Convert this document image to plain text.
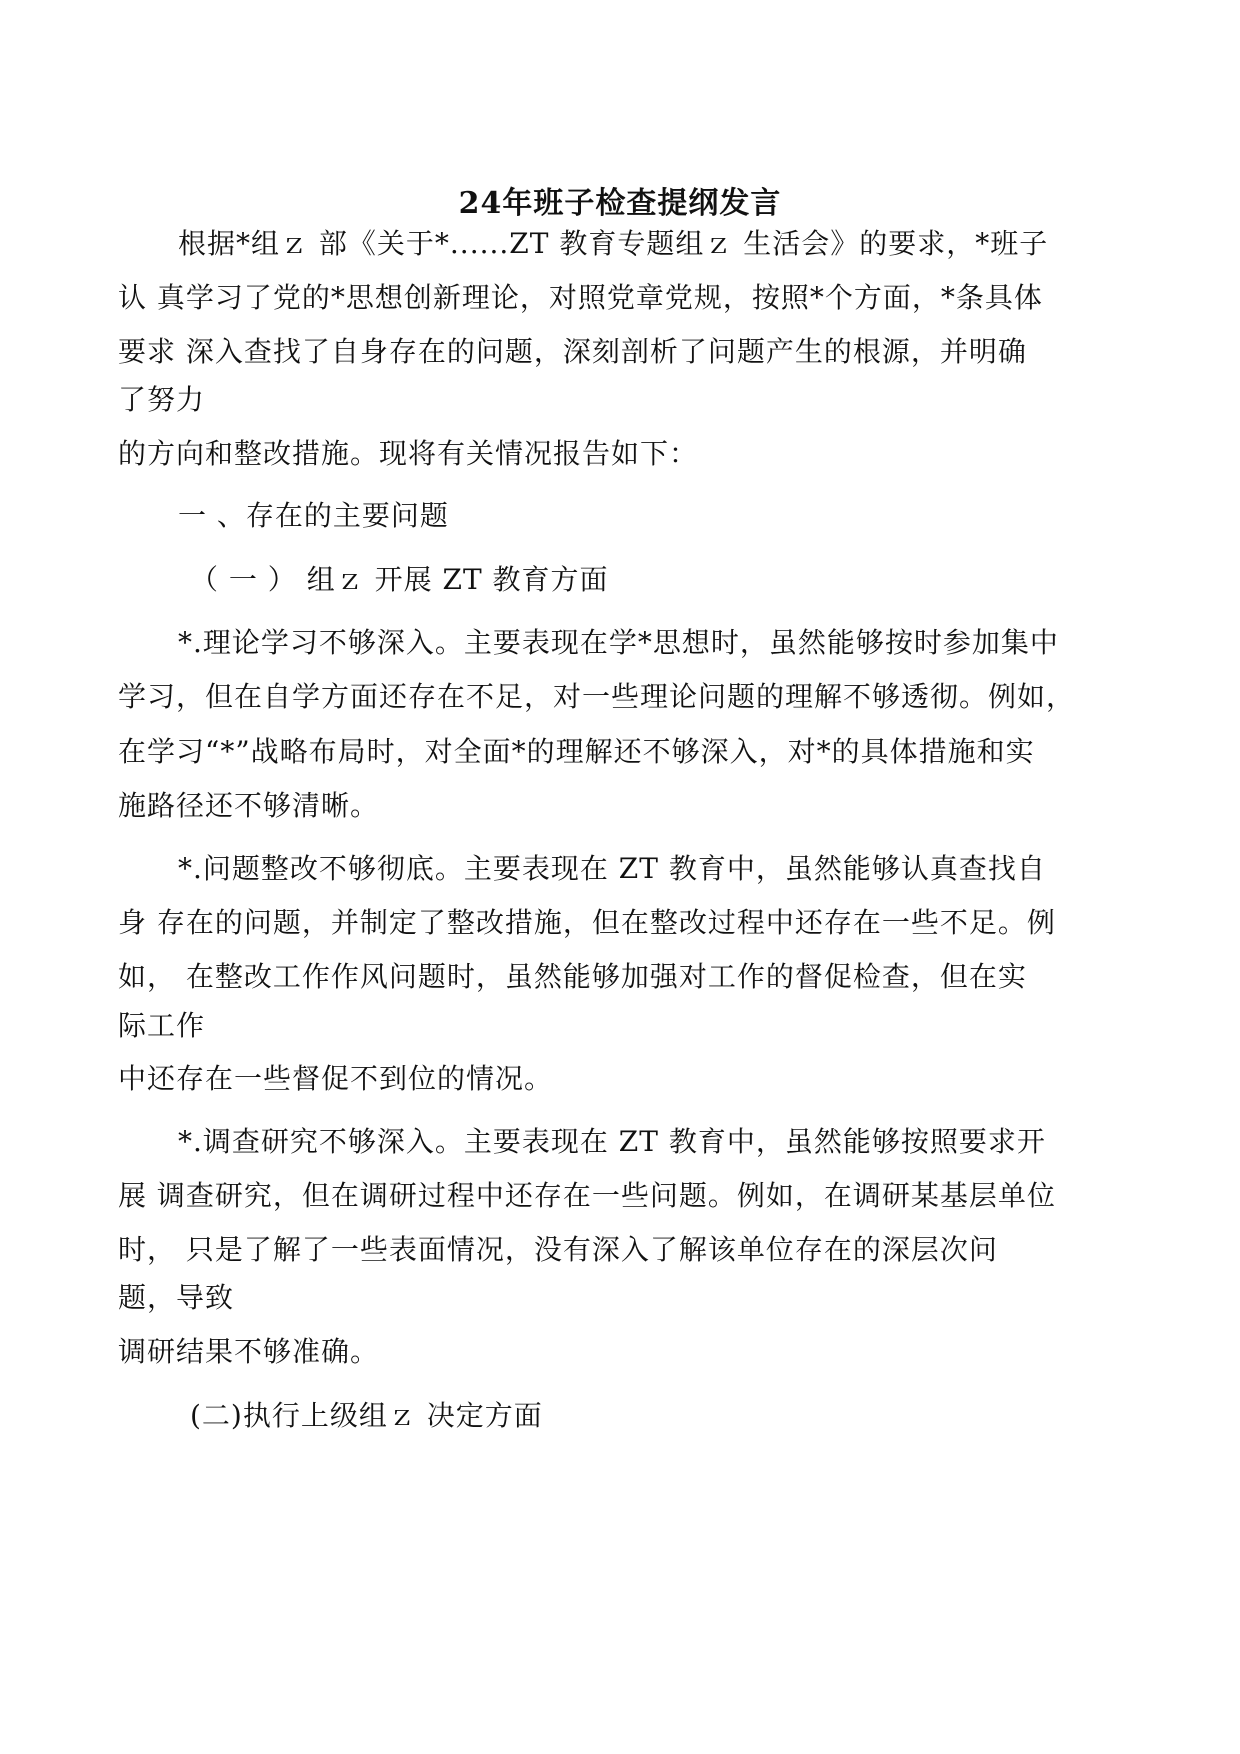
24年班子检查提纲发言
根据*组ｚ 部《关于*......ZT 教育专题组ｚ 生活会》的要求，*班子
认 真学习了党的*思想创新理论，对照党章党规，按照*个方面，*条具体
要求 深入查找了自身存在的问题，深刻剖析了问题产生的根源，并明确
了努力
的方向和整改措施。现将有关情况报告如下：
一 、存在的主要问题
（ 一 ） 组ｚ 开展 ZT 教育方面
*.理论学习不够深入。主要表现在学*思想时，虽然能够按时参加集中
学习，但在自学方面还存在不足，对一些理论问题的理解不够透彻。例如，
在学习“*”战略布局时，对全面*的理解还不够深入，对*的具体措施和实
施路径还不够清晰。
*.问题整改不够彻底。主要表现在 ZT 教育中，虽然能够认真查找自
身 存在的问题，并制定了整改措施，但在整改过程中还存在一些不足。例
如， 在整改工作作风问题时，虽然能够加强对工作的督促检查，但在实
际工作
中还存在一些督促不到位的情况。
*.调查研究不够深入。主要表现在 ZT 教育中，虽然能够按照要求开
展 调查研究，但在调研过程中还存在一些问题。例如，在调研某基层单位
时， 只是了解了一些表面情况，没有深入了解该单位存在的深层次问
题，导致
调研结果不够准确。
(二)执行上级组ｚ 决定方面
